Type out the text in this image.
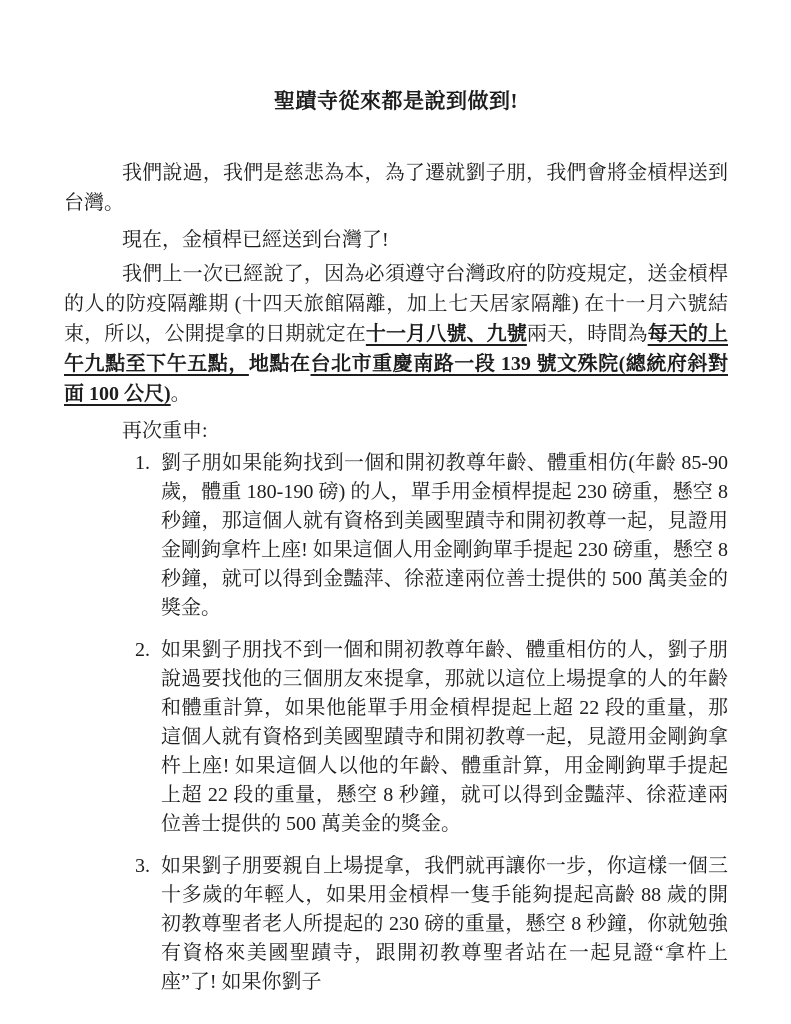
聖蹟寺從來都是說到做到!

我們說過，我們是慈悲為本，為了遷就劉子朋，我們會將金槓桿送到台灣。

現在，金槓桿已經送到台灣了!

我們上一次已經說了，因為必須遵守台灣政府的防疫規定，送金槓桿的人的防疫隔離期 (十四天旅館隔離，加上七天居家隔離) 在十一月六號結束，所以，公開提拿的日期就定在十一月八號、九號兩天，時間為每天的上午九點至下午五點，地點在台北市重慶南路一段 139 號文殊院(總統府斜對面 100 公尺)。

再次重申:

1. 劉子朋如果能夠找到一個和開初教尊年齡、體重相仿(年齡 85-90 歲，體重 180-190 磅) 的人，單手用金槓桿提起 230 磅重，懸空 8 秒鐘，那這個人就有資格到美國聖蹟寺和開初教尊一起，見證用金剛鉤拿杵上座! 如果這個人用金剛鉤單手提起 230 磅重，懸空 8 秒鐘，就可以得到金豔萍、徐蒞達兩位善士提供的 500 萬美金的獎金。
2. 如果劉子朋找不到一個和開初教尊年齡、體重相仿的人，劉子朋說過要找他的三個朋友來提拿，那就以這位上場提拿的人的年齡和體重計算，如果他能單手用金槓桿提起上超 22 段的重量，那這個人就有資格到美國聖蹟寺和開初教尊一起，見證用金剛鉤拿杵上座! 如果這個人以他的年齡、體重計算，用金剛鉤單手提起上超 22 段的重量，懸空 8 秒鐘，就可以得到金豔萍、徐蒞達兩位善士提供的 500 萬美金的獎金。
3. 如果劉子朋要親自上場提拿，我們就再讓你一步，你這樣一個三十多歲的年輕人，如果用金槓桿一隻手能夠提起高齡 88 歲的開初教尊聖者老人所提起的 230 磅的重量，懸空 8 秒鐘，你就勉強有資格來美國聖蹟寺，跟開初教尊聖者站在一起見證“拿杵上座”了! 如果你劉子
